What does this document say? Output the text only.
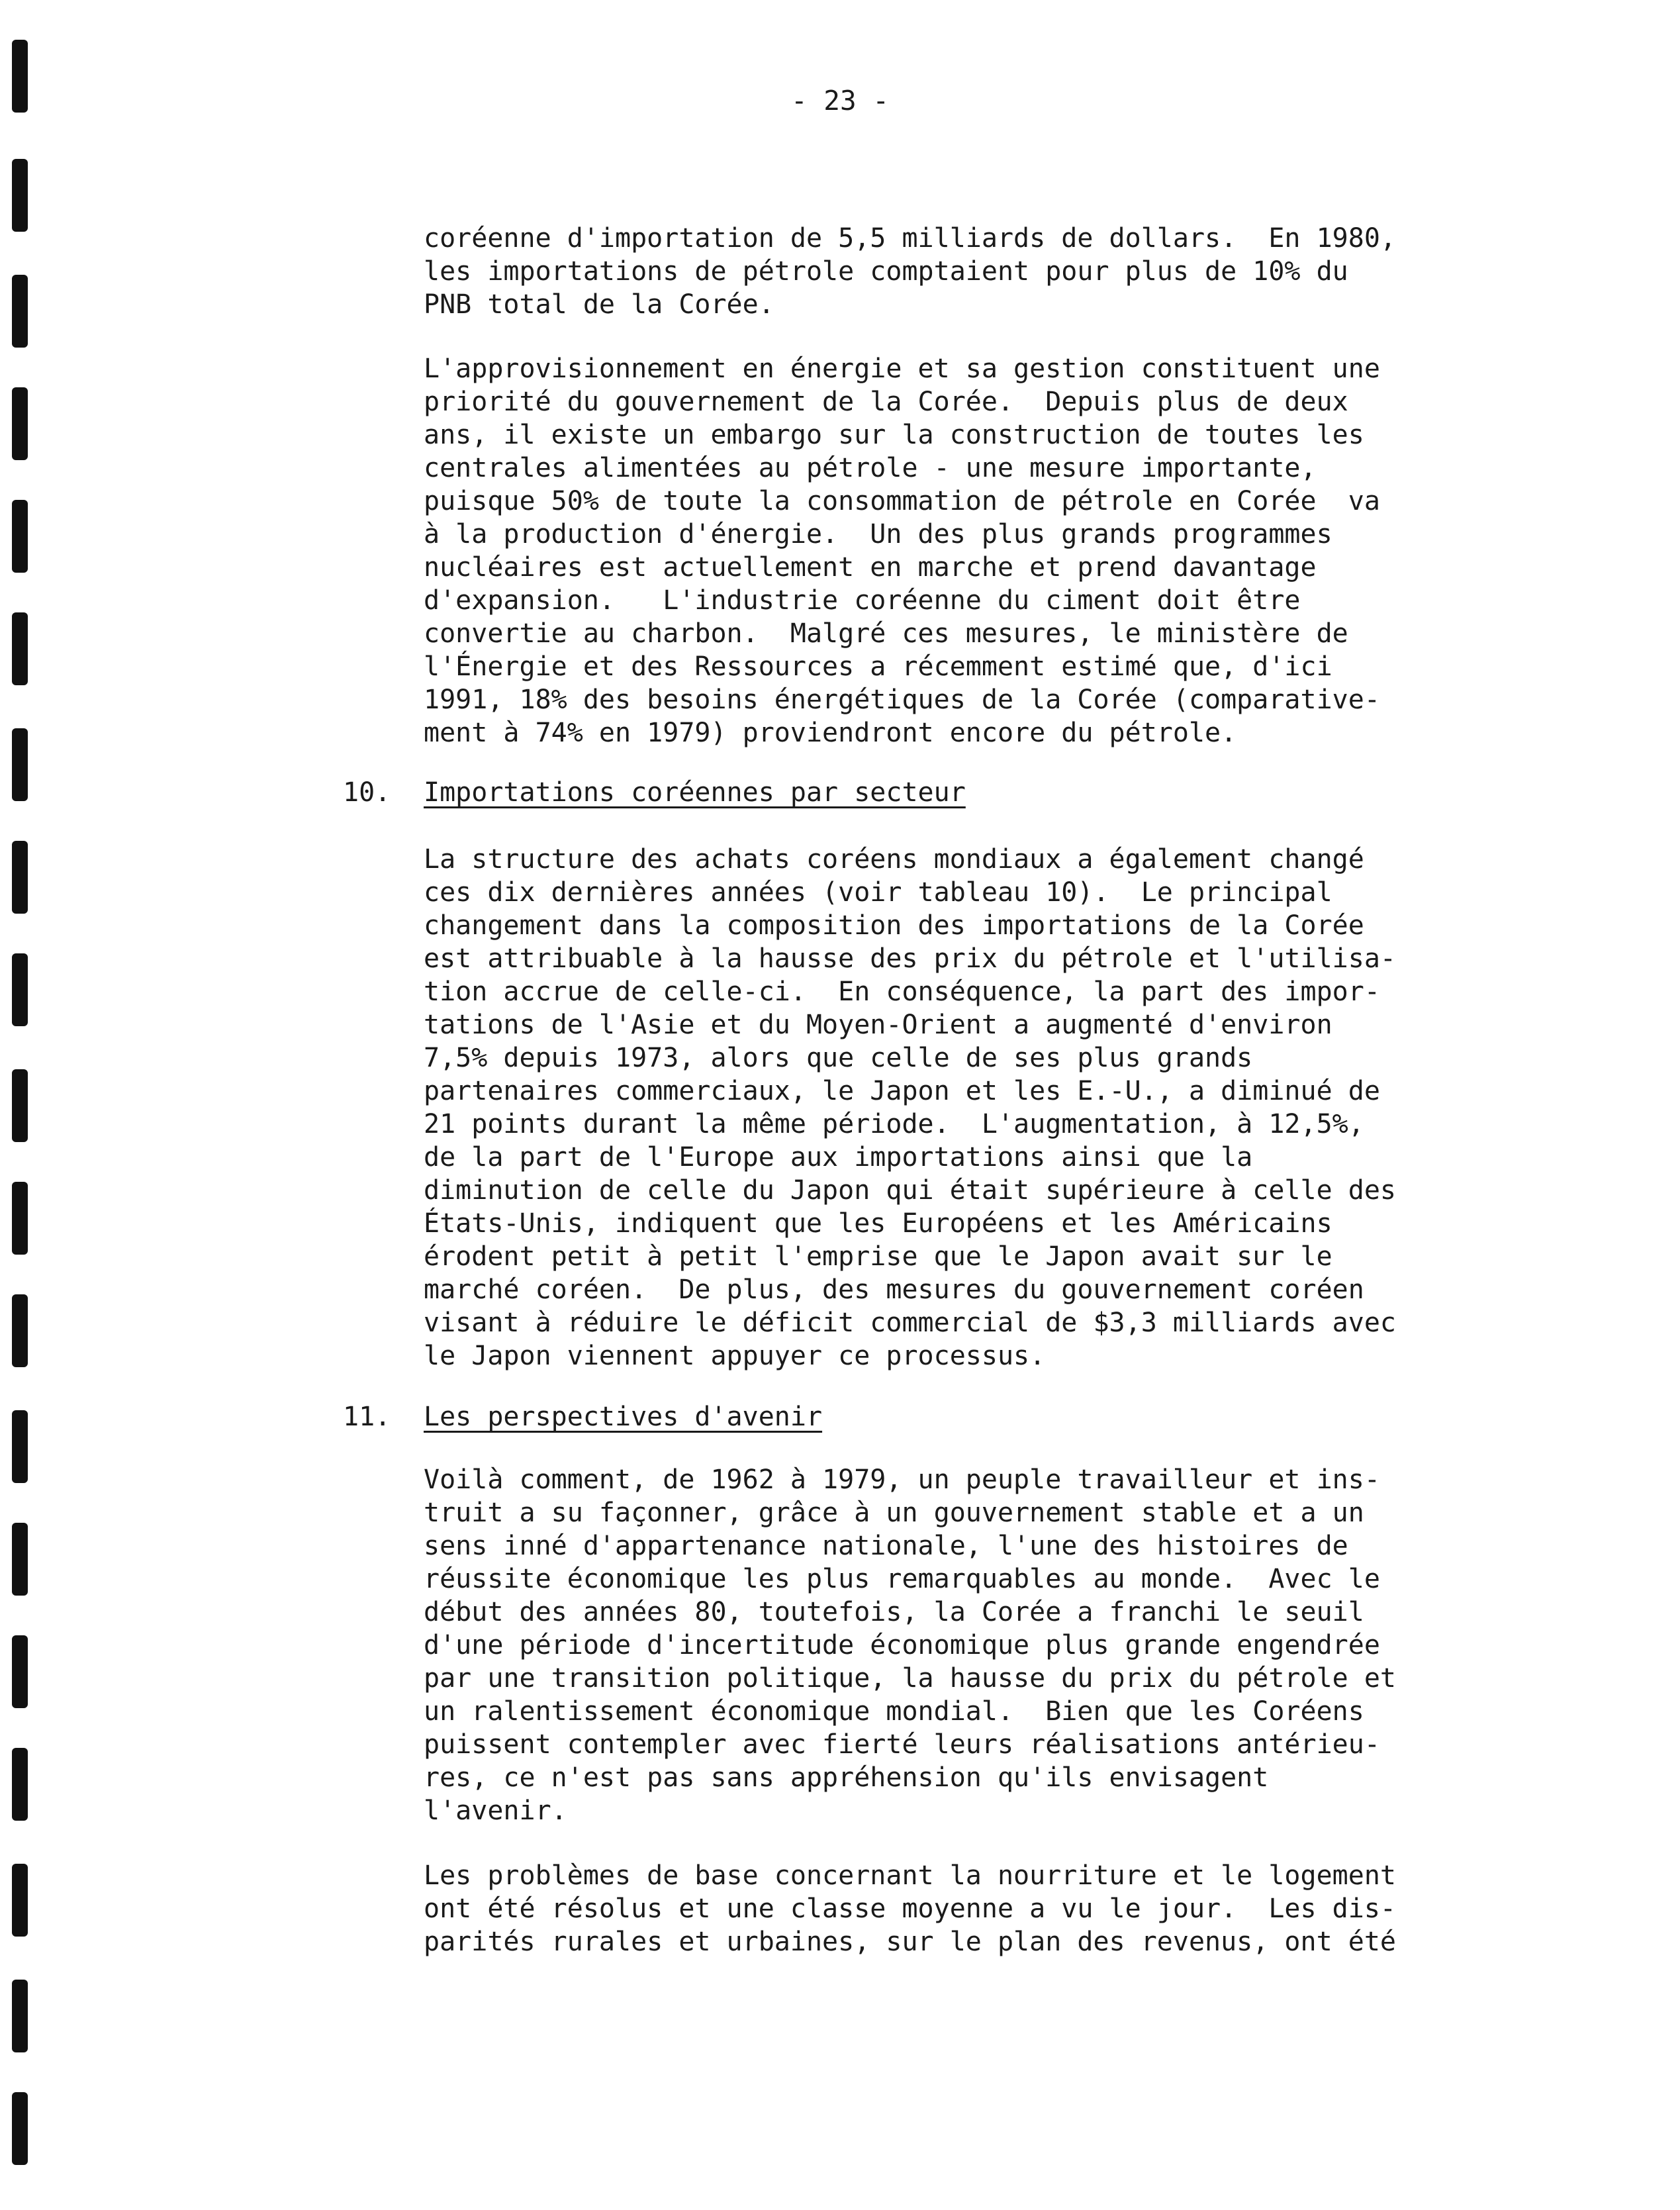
- 23 -

coréenne d'importation de 5,5 milliards de dollars.  En 1980,
les importations de pétrole comptaient pour plus de 10% du
PNB total de la Corée.

L'approvisionnement en énergie et sa gestion constituent une
priorité du gouvernement de la Corée.  Depuis plus de deux
ans, il existe un embargo sur la construction de toutes les
centrales alimentées au pétrole - une mesure importante,
puisque 50% de toute la consommation de pétrole en Corée  va
à la production d'énergie.  Un des plus grands programmes
nucléaires est actuellement en marche et prend davantage
d'expansion.   L'industrie coréenne du ciment doit être
convertie au charbon.  Malgré ces mesures, le ministère de
l'Énergie et des Ressources a récemment estimé que, d'ici
1991, 18% des besoins énergétiques de la Corée (comparative-
ment à 74% en 1979) proviendront encore du pétrole.

10. Importations coréennes par secteur

La structure des achats coréens mondiaux a également changé
ces dix dernières années (voir tableau 10).  Le principal
changement dans la composition des importations de la Corée
est attribuable à la hausse des prix du pétrole et l'utilisa-
tion accrue de celle-ci.  En conséquence, la part des impor-
tations de l'Asie et du Moyen-Orient a augmenté d'environ
7,5% depuis 1973, alors que celle de ses plus grands
partenaires commerciaux, le Japon et les E.-U., a diminué de
21 points durant la même période.  L'augmentation, à 12,5%,
de la part de l'Europe aux importations ainsi que la
diminution de celle du Japon qui était supérieure à celle des
États-Unis, indiquent que les Européens et les Américains
érodent petit à petit l'emprise que le Japon avait sur le
marché coréen.  De plus, des mesures du gouvernement coréen
visant à réduire le déficit commercial de $3,3 milliards avec
le Japon viennent appuyer ce processus.

11. Les perspectives d'avenir

Voilà comment, de 1962 à 1979, un peuple travailleur et ins-
truit a su façonner, grâce à un gouvernement stable et a un
sens inné d'appartenance nationale, l'une des histoires de
réussite économique les plus remarquables au monde.  Avec le
début des années 80, toutefois, la Corée a franchi le seuil
d'une période d'incertitude économique plus grande engendrée
par une transition politique, la hausse du prix du pétrole et
un ralentissement économique mondial.  Bien que les Coréens
puissent contempler avec fierté leurs réalisations antérieu-
res, ce n'est pas sans appréhension qu'ils envisagent
l'avenir.

Les problèmes de base concernant la nourriture et le logement
ont été résolus et une classe moyenne a vu le jour.  Les dis-
parités rurales et urbaines, sur le plan des revenus, ont été
